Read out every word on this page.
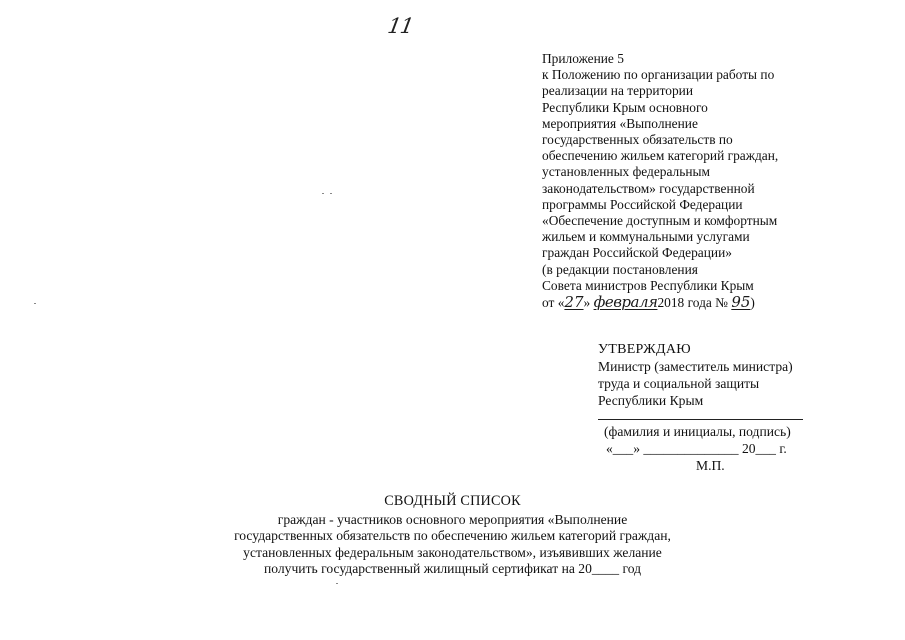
11
Приложение 5
к Положению по организации работы по
реализации на территории
Республики Крым основного
мероприятия «Выполнение
государственных обязательств по
обеспечению жильем категорий граждан,
установленных федеральным
законодательством» государственной
программы Российской Федерации
«Обеспечение доступным и комфортным
жильем и коммунальными услугами
граждан Российской Федерации»
(в редакции постановления
Совета министров Республики Крым
от «27» февраля2018 года № 95)
УТВЕРЖДАЮ
Министр (заместитель министра)
труда и социальной защиты
Республики Крым
(фамилия и инициалы, подпись)
«___» ______________ 20___ г.
М.П.
СВОДНЫЙ СПИСОК
граждан - участников основного мероприятия «Выполнение
государственных обязательств по обеспечению жильем категорий граждан,
установленных федеральным законодательством», изъявивших желание
получить государственный жилищный сертификат на 20____ год
